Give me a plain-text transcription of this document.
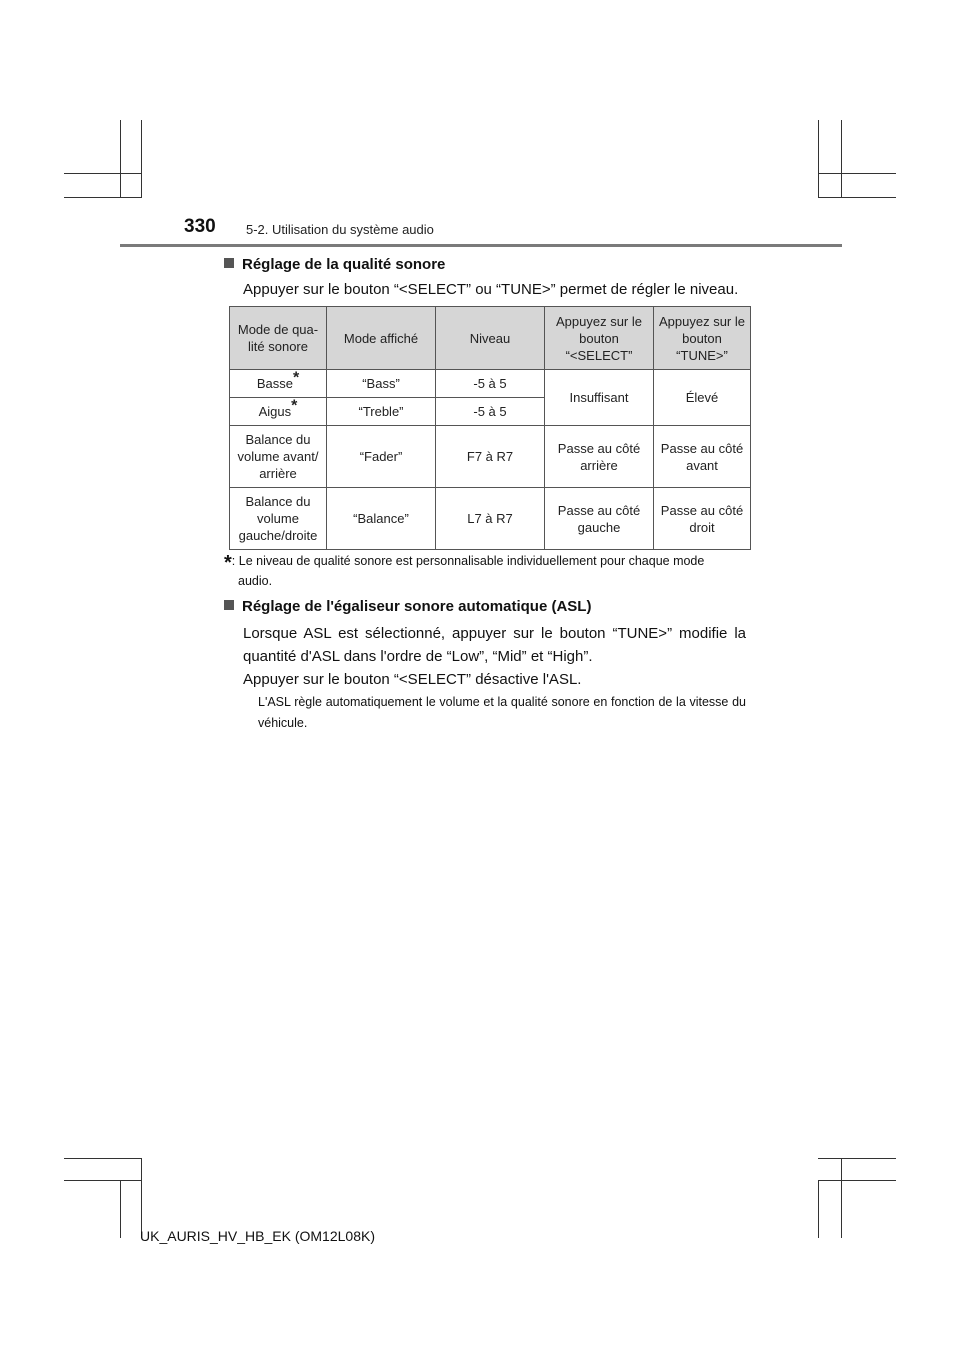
330 5-2. Utilisation du système audio
Réglage de la qualité sonore
Appuyer sur le bouton “<SELECT” ou “TUNE>” permet de régler le niveau.
Mode de qua-lité sonore	Mode affiché	Niveau	Appuyez sur le bouton “<SELECT”	Appuyez sur le bouton “TUNE>”
Basse*	“Bass”	-5 à 5	Insuffisant	Élevé
Aigus*	“Treble”	-5 à 5		
Balance du volume avant/ arrière	“Fader”	F7 à R7	Passe au côté arrière	Passe au côté avant
Balance du volume gauche/droite	“Balance”	L7 à R7	Passe au côté gauche	Passe au côté droit
*: Le niveau de qualité sonore est personnalisable individuellement pour chaque mode
audio.
Réglage de l'égaliseur sonore automatique (ASL)
Lorsque ASL est sélectionné, appuyer sur le bouton “TUNE>” modifie la quantité d'ASL dans l'ordre de “Low”, “Mid” et “High”.
Appuyer sur le bouton “<SELECT” désactive l'ASL.
L'ASL règle automatiquement le volume et la qualité sonore en fonction de la vitesse du véhicule.
UK_AURIS_HV_HB_EK (OM12L08K)
